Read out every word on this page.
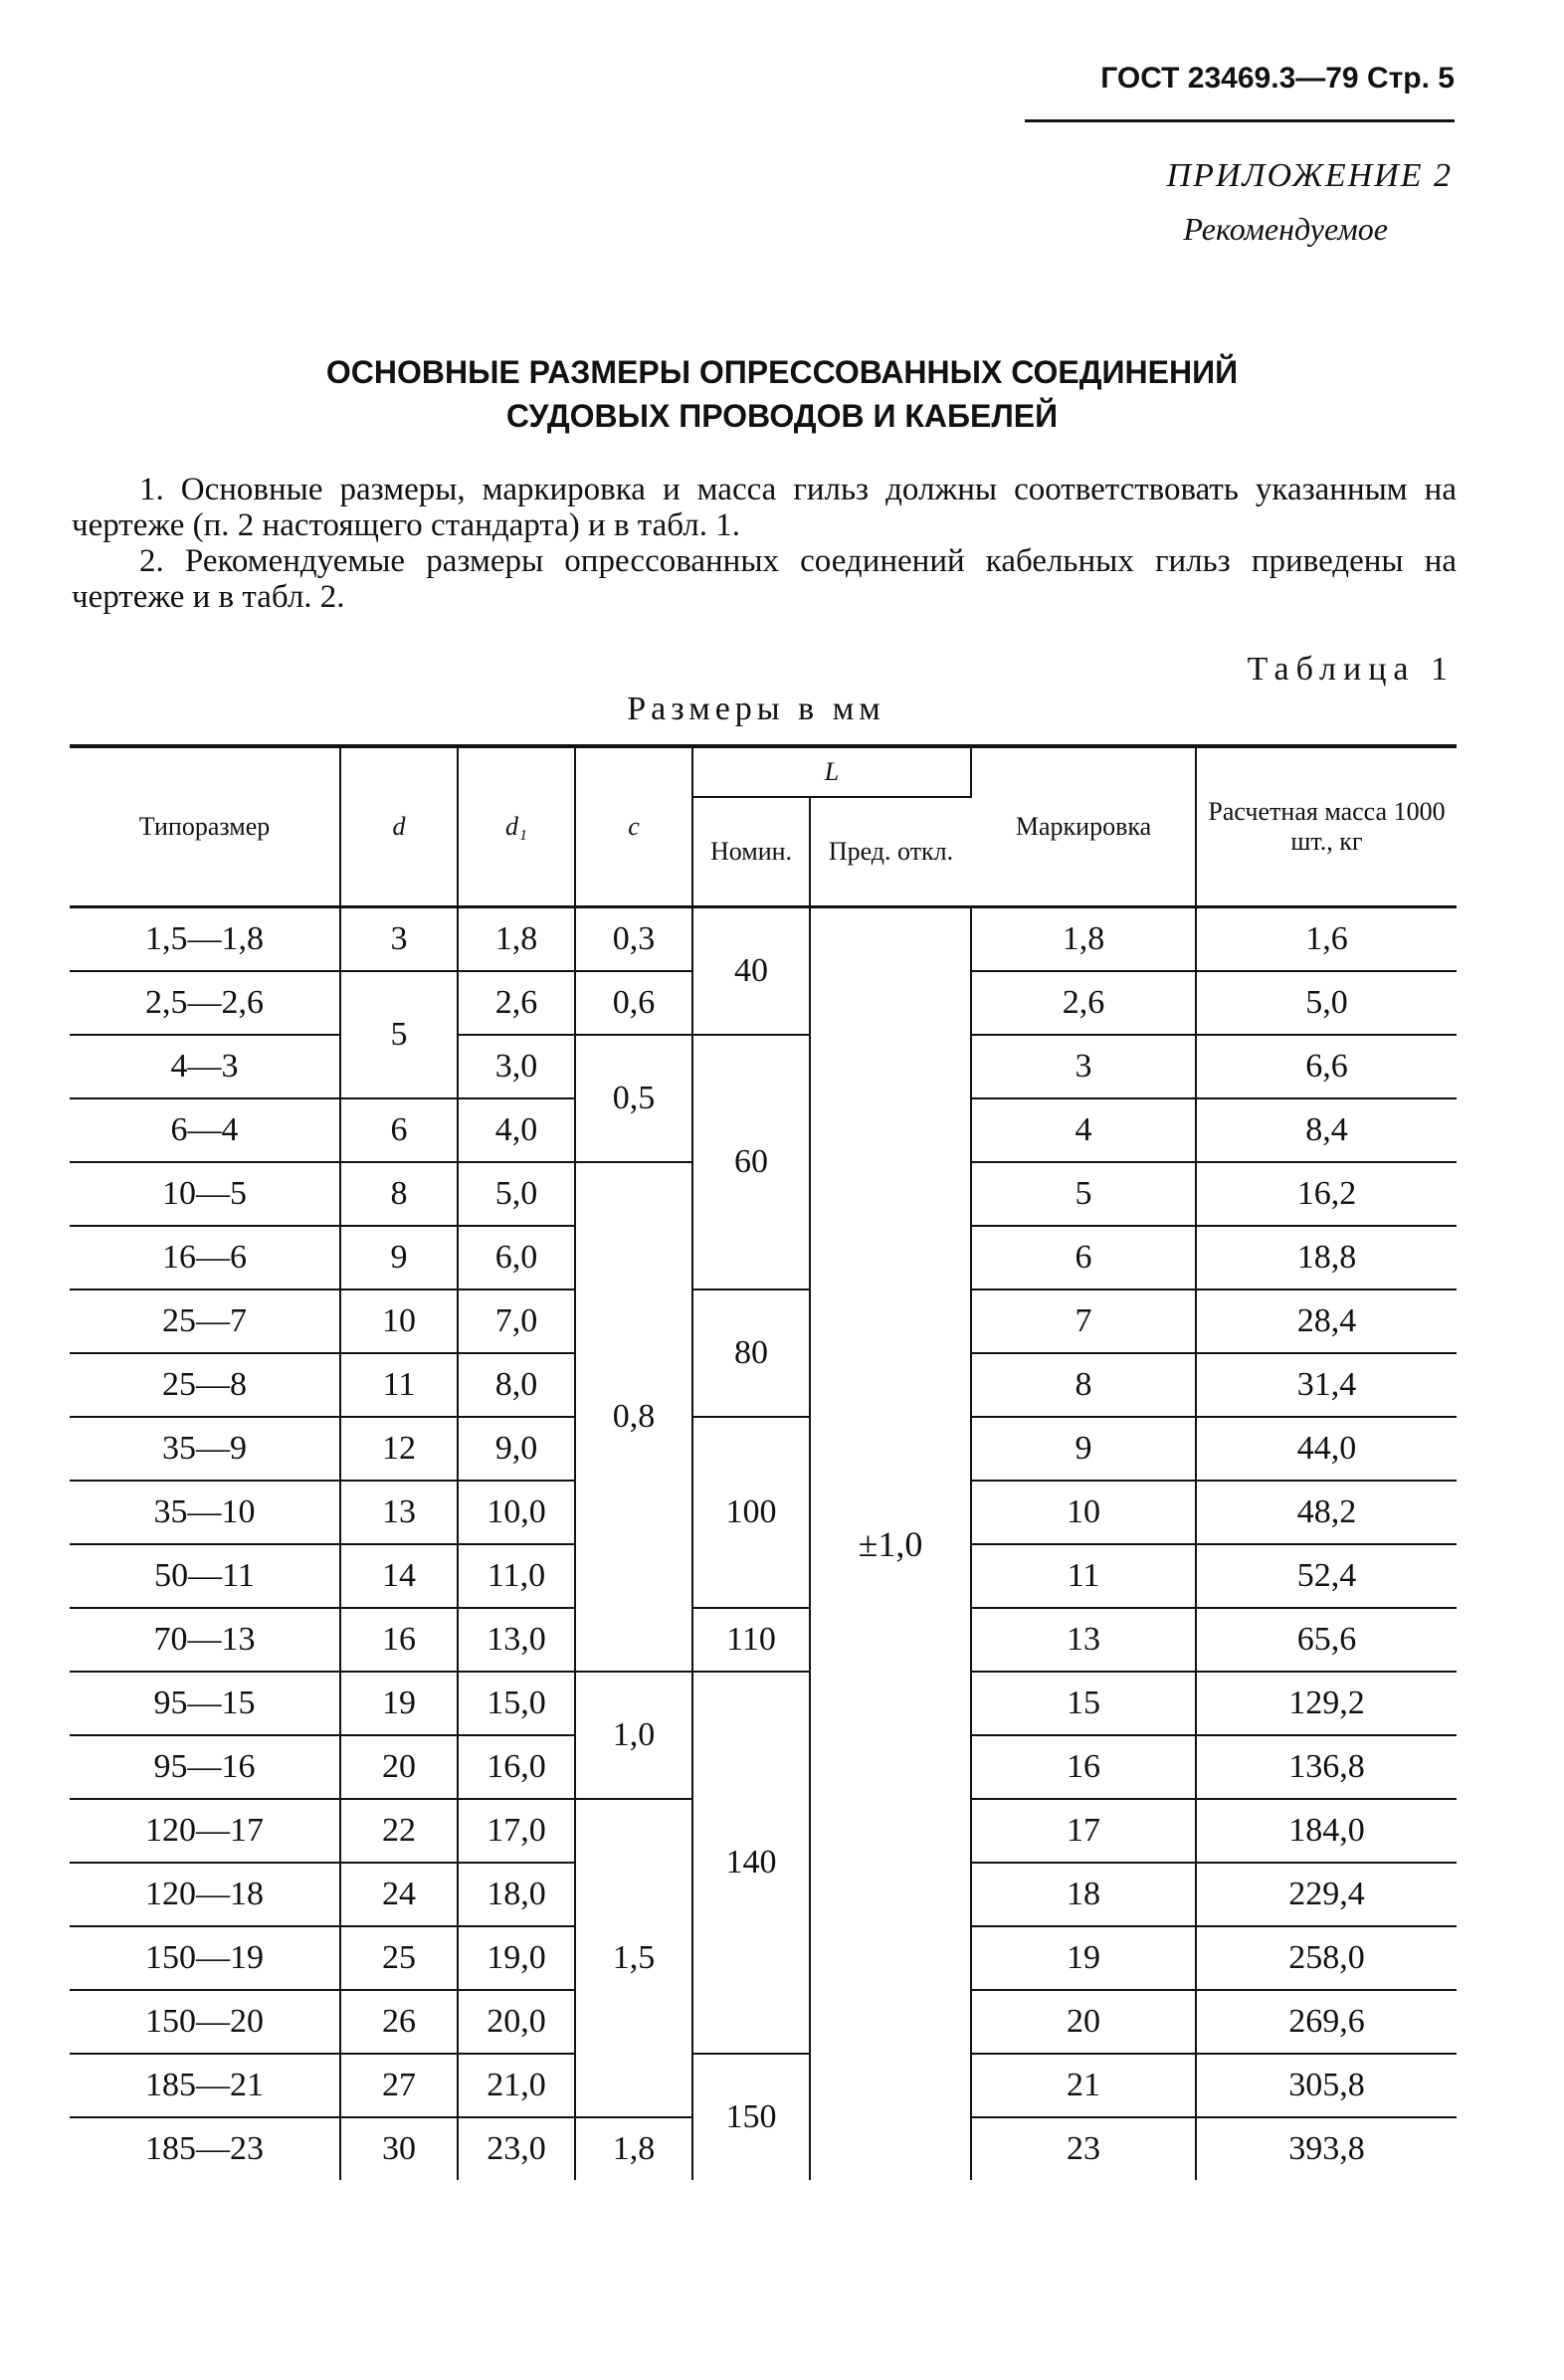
ГОСТ 23469.3—79 Стр. 5
ПРИЛОЖЕНИЕ 2
Рекомендуемое
ОСНОВНЫЕ РАЗМЕРЫ ОПРЕССОВАННЫХ СОЕДИНЕНИЙ
СУДОВЫХ ПРОВОДОВ И КАБЕЛЕЙ
1. Основные размеры, маркировка и масса гильз должны соответствовать указанным на чертеже (п. 2 настоящего стандарта) и в табл. 1.
2. Рекомендуемые размеры опрессованных соединений кабельных гильз приведены на чертеже и в табл. 2.
Таблица 1
Размеры в мм
Типоразмер	d	d₁	c	L		Маркировка	Расчетная масса 1000 шт., кг
				Номин.	Пред. откл.		
1,5—1,8	3	1,8	0,3	40	±1,0	1,8	1,6
2,5—2,6	5	2,6	0,6			2,6	5,0
4—3		3,0	0,5	60		3	6,6
6—4	6	4,0				4	8,4
10—5	8	5,0	0,8			5	16,2
16—6	9	6,0				6	18,8
25—7	10	7,0		80		7	28,4
25—8	11	8,0				8	31,4
35—9	12	9,0		100		9	44,0
35—10	13	10,0				10	48,2
50—11	14	11,0				11	52,4
70—13	16	13,0		110		13	65,6
95—15	19	15,0	1,0	140		15	129,2
95—16	20	16,0				16	136,8
120—17	22	17,0	1,5			17	184,0
120—18	24	18,0				18	229,4
150—19	25	19,0				19	258,0
150—20	26	20,0				20	269,6
185—21	27	21,0		150		21	305,8
185—23	30	23,0	1,8			23	393,8
